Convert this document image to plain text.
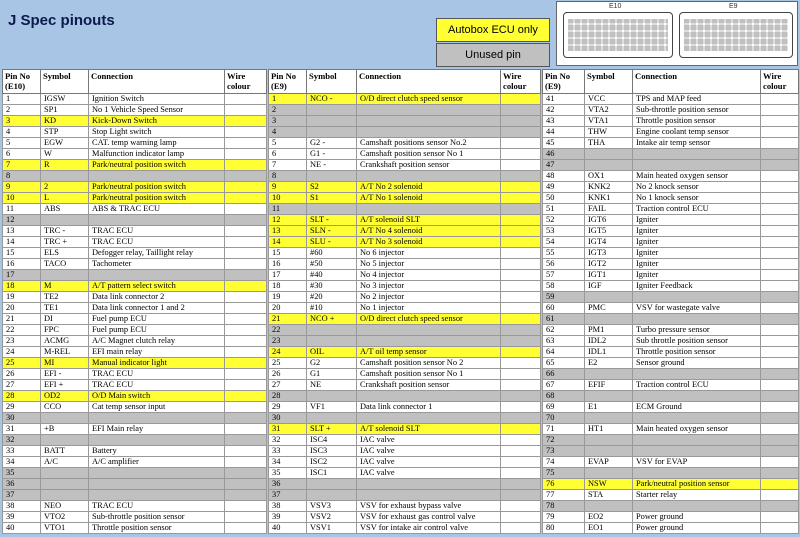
J Spec pinouts
Autobox ECU only
Unused pin
E10	E9
Pin No
(E10)	Symbol	Connection	Wire
colour
1	IGSW	Ignition Switch	
2	SP1	No 1 Vehicle Speed Sensor	
3	KD	Kick-Down Switch	
4	STP	Stop Light switch	
5	EGW	CAT. temp warning lamp	
6	W	Malfunction indicator lamp	
7	R	Park/neutral position switch	
8			
9	2	Park/neutral position switch	
10	L	Park/neutral position switch	
11	ABS	ABS & TRAC ECU	
12			
13	TRC -	TRAC ECU	
14	TRC +	TRAC ECU	
15	ELS	Defogger relay, Taillight relay	
16	TACO	Tachometer	
17			
18	M	A/T pattern select switch	
19	TE2	Data link connector 2	
20	TE1	Data link connector 1 and 2	
21	DI	Fuel pump ECU	
22	FPC	Fuel pump ECU	
23	ACMG	A/C Magnet clutch relay	
24	M-REL	EFI main relay	
25	MI	Manual indicator light	
26	EFI -	TRAC ECU	
27	EFI +	TRAC ECU	
28	OD2	O/D Main switch	
29	CCO	Cat temp sensor input	
30			
31	+B	EFI Main relay	
32			
33	BATT	Battery	
34	A/C	A/C amplifier	
35			
36			
37			
38	NEO	TRAC ECU	
39	VTO2	Sub-throttle position sensor	
40	VTO1	Throttle position sensor	
Pin No
(E9)	Symbol	Connection	Wire
colour
1	NCO -	O/D direct clutch speed sensor	
2			
3			
4			
5	G2 -	Camshaft positions sensor No.2	
6	G1 -	Camshaft position sensor No 1	
7	NE -	Crankshaft position sensor	
8			
9	S2	A/T No 2 solenoid	
10	S1	A/T No 1 solenoid	
11			
12	SLT -	A/T solenoid SLT	
13	SLN -	A/T No 4 solenoid	
14	SLU -	A/T No 3 solenoid	
15	#60	No 6 injector	
16	#50	No 5 injector	
17	#40	No 4 injector	
18	#30	No 3 injector	
19	#20	No 2 injector	
20	#10	No 1 injector	
21	NCO +	O/D direct clutch speed sensor	
22			
23			
24	OIL	A/T oil temp sensor	
25	G2	Camshaft position sensor No 2	
26	G1	Camshaft position sensor No 1	
27	NE	Crankshaft position sensor	
28			
29	VF1	Data link connector 1	
30			
31	SLT +	A/T solenoid SLT	
32	ISC4	IAC valve	
33	ISC3	IAC valve	
34	ISC2	IAC valve	
35	ISC1	IAC valve	
36			
37			
38	VSV3	VSV for exhaust bypass valve	
39	VSV2	VSV for exhaust gas control valve	
40	VSV1	VSV for intake air control valve	
Pin No
(E9)	Symbol	Connection	Wire
colour
41	VCC	TPS and MAP feed	
42	VTA2	Sub-throttle position sensor	
43	VTA1	Throttle position sensor	
44	THW	Engine coolant temp sensor	
45	THA	Intake air temp sensor	
46			
47			
48	OX1	Main heated oxygen sensor	
49	KNK2	No 2 knock sensor	
50	KNK1	No 1 knock sensor	
51	FAIL	Traction control ECU	
52	IGT6	Igniter	
53	IGT5	Igniter	
54	IGT4	Igniter	
55	IGT3	Igniter	
56	IGT2	Igniter	
57	IGT1	Igniter	
58	IGF	Igniter Feedback	
59			
60	PMC	VSV for wastegate valve	
61			
62	PM1	Turbo pressure sensor	
63	IDL2	Sub throttle position sensor	
64	IDL1	Throttle position sensor	
65	E2	Sensor ground	
66			
67	EFIF	Traction control ECU	
68			
69	E1	ECM Ground	
70			
71	HT1	Main heated oxygen sensor	
72			
73			
74	EVAP	VSV for EVAP	
75			
76	NSW	Park/neutral position sensor	
77	STA	Starter relay	
78			
79	EO2	Power ground	
80	EO1	Power ground	
